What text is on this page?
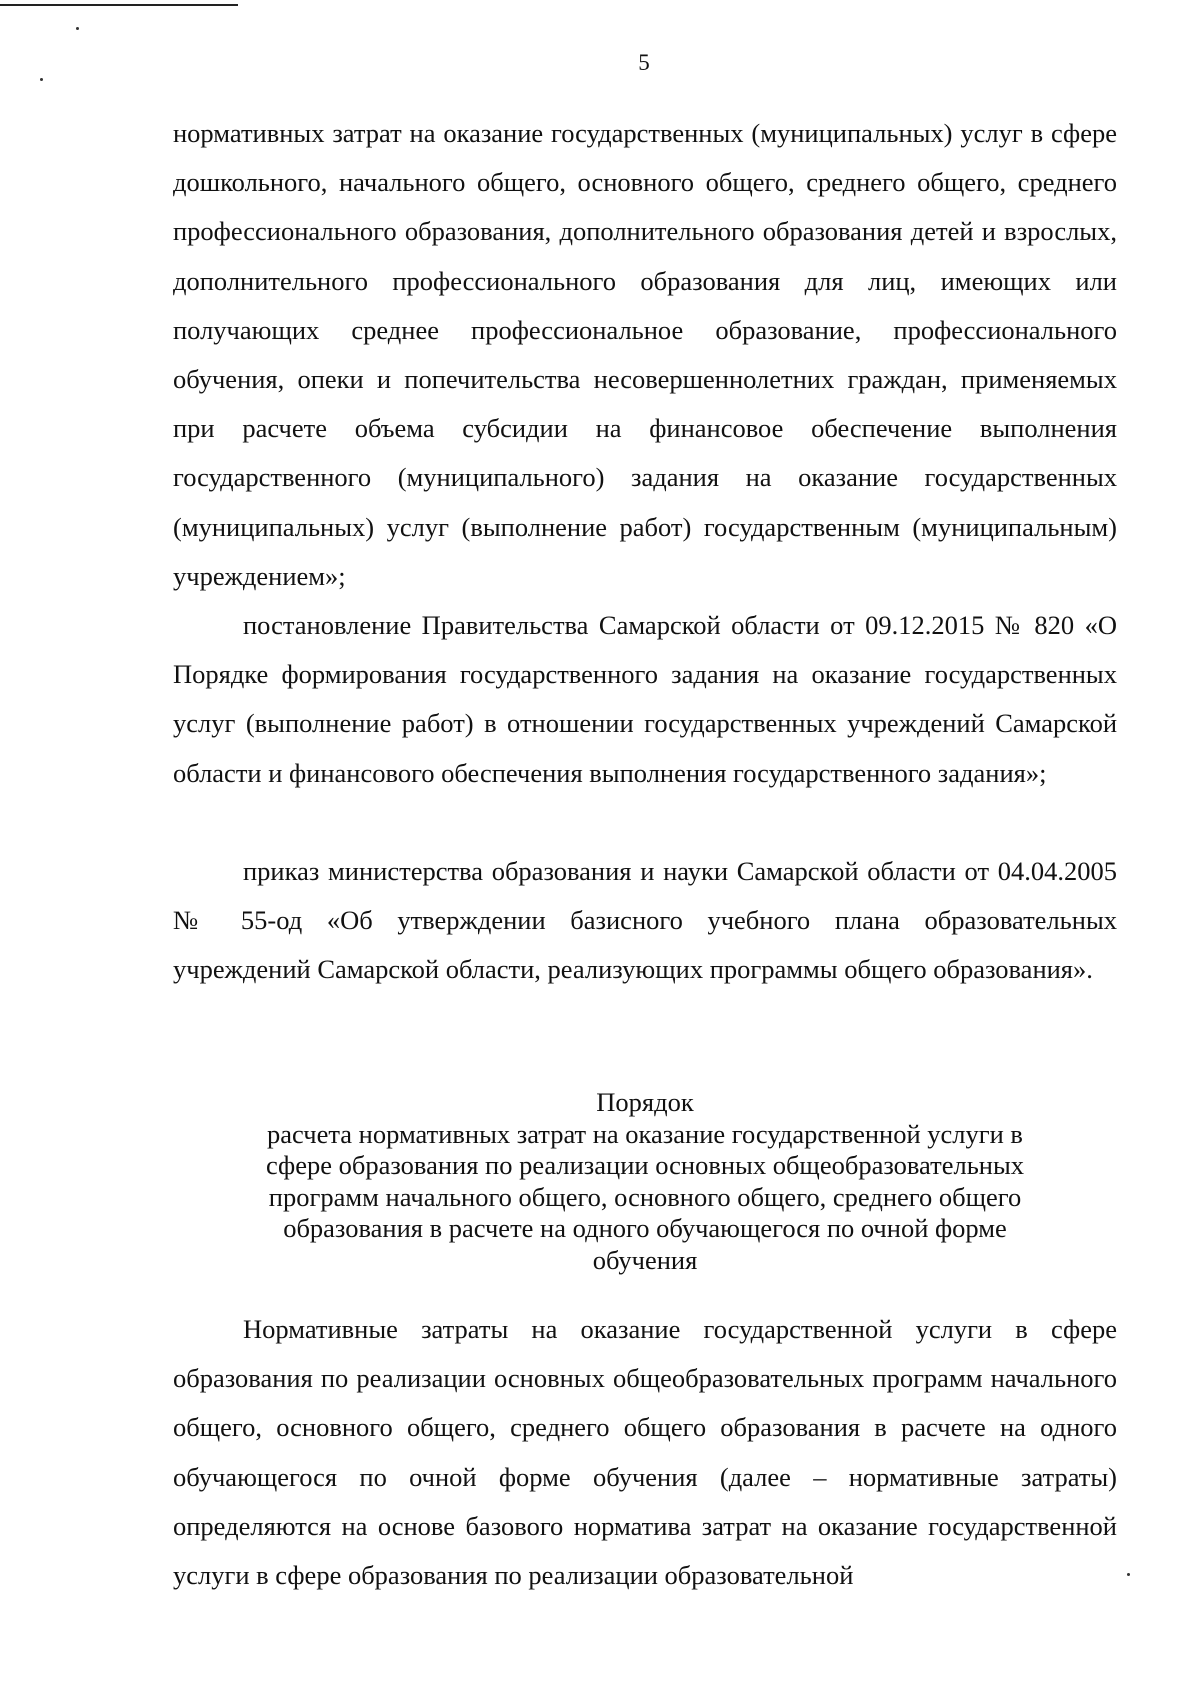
5

нормативных затрат на оказание государственных (муниципальных) услуг в сфере дошкольного, начального общего, основного общего, среднего общего, среднего профессионального образования, дополнительного образования детей и взрослых, дополнительного профессионального образования для лиц, имеющих или получающих среднее профессиональное образование, профессионального обучения, опеки и попечительства несовершеннолетних граждан, применяемых при расчете объема субсидии на финансовое обеспечение выполнения государственного (муниципального) задания на оказание государственных (муниципальных) услуг (выполнение работ) государственным (муниципальным) учреждением»;

постановление Правительства Самарской области от 09.12.2015 № 820 «О Порядке формирования государственного задания на оказание государственных услуг (выполнение работ) в отношении государственных учреждений Самарской области и финансового обеспечения выполнения государственного задания»;

приказ министерства образования и науки Самарской области от 04.04.2005 № 55-од «Об утверждении базисного учебного плана образовательных учреждений Самарской области, реализующих программы общего образования».

Порядок
расчета нормативных затрат на оказание государственной услуги в сфере образования по реализации основных общеобразовательных программ начального общего, основного общего, среднего общего образования в расчете на одного обучающегося по очной форме обучения

Нормативные затраты на оказание государственной услуги в сфере образования по реализации основных общеобразовательных программ начального общего, основного общего, среднего общего образования в расчете на одного обучающегося по очной форме обучения (далее – нормативные затраты) определяются на основе базового норматива затрат на оказание государственной услуги в сфере образования по реализации образовательной
